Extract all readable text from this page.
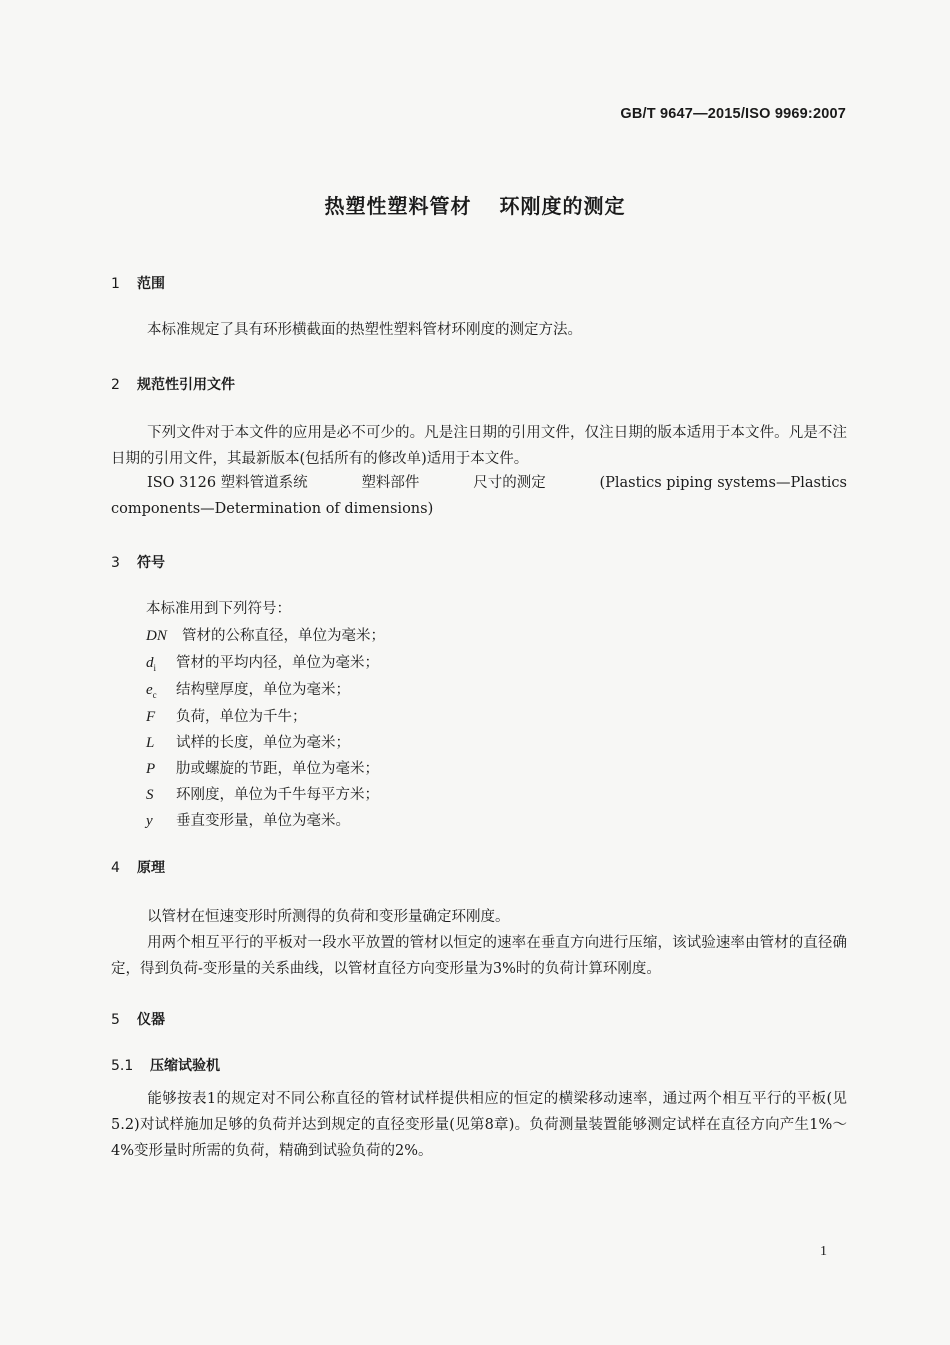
GB/T 9647—2015/ISO 9969:2007
热塑性塑料管材 环刚度的测定
1 范围
本标准规定了具有环形横截面的热塑性塑料管材环刚度的测定方法。
2 规范性引用文件
下列文件对于本文件的应用是必不可少的。凡是注日期的引用文件，仅注日期的版本适用于本文件。凡是不注日期的引用文件，其最新版本(包括所有的修改单)适用于本文件。
ISO 3126 塑料管道系统	塑料部件	尺寸的测定	(Plastics piping systems—Plastics
components—Determination of dimensions)
3 符号
本标准用到下列符号：
DN 管材的公称直径，单位为毫米；
$d_i$ 管材的平均内径，单位为毫米；
$e_c$ 结构壁厚度，单位为毫米；
F 负荷，单位为千牛；
L 试样的长度，单位为毫米；
P 肋或螺旋的节距，单位为毫米；
S 环刚度，单位为千牛每平方米；
y 垂直变形量，单位为毫米。
4 原理
以管材在恒速变形时所测得的负荷和变形量确定环刚度。
用两个相互平行的平板对一段水平放置的管材以恒定的速率在垂直方向进行压缩，该试验速率由管材的直径确定，得到负荷-变形量的关系曲线，以管材直径方向变形量为3%时的负荷计算环刚度。
5 仪器
5.1 压缩试验机
能够按表1的规定对不同公称直径的管材试样提供相应的恒定的横梁移动速率，通过两个相互平行的平板(见5.2)对试样施加足够的负荷并达到规定的直径变形量(见第8章)。负荷测量装置能够测定试样在直径方向产生1%～4%变形量时所需的负荷，精确到试验负荷的2%。
1
